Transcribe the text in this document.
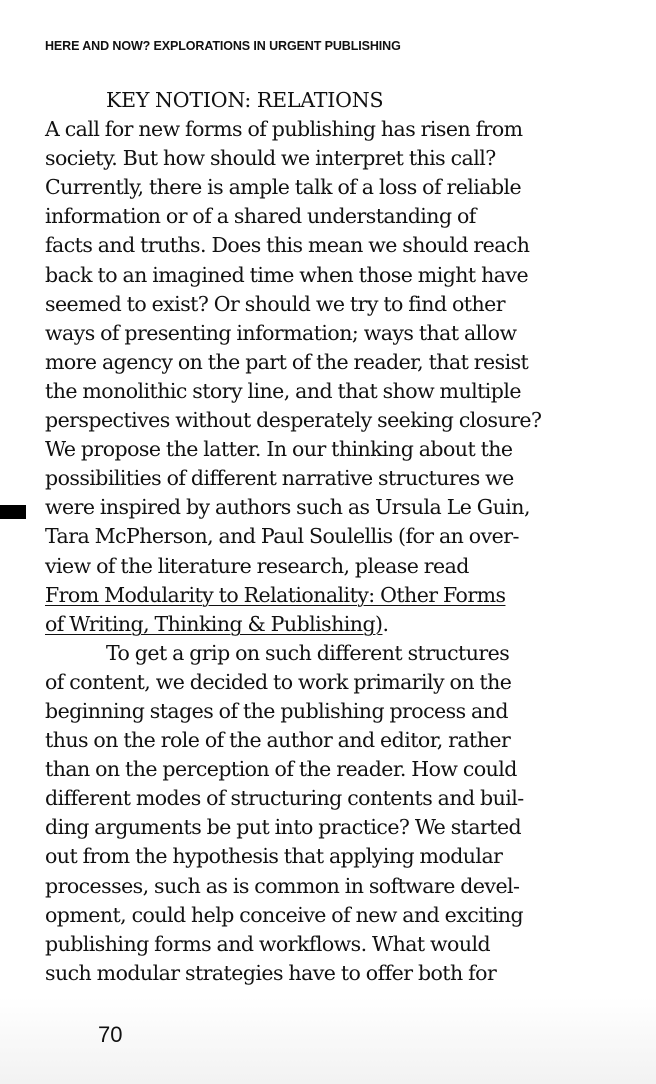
HERE AND NOW? EXPLORATIONS IN URGENT PUBLISHING
KEY NOTION: RELATIONS
A call for new forms of publishing has risen from
society. But how should we interpret this call?
Currently, there is ample talk of a loss of reliable
information or of a shared understanding of
facts and truths. Does this mean we should reach
back to an imagined time when those might have
seemed to exist? Or should we try to find other
ways of presenting information; ways that allow
more agency on the part of the reader, that resist
the monolithic story line, and that show multiple
perspectives without desperately seeking closure?
We propose the latter. In our thinking about the
possibilities of different narrative structures we
were inspired by authors such as Ursula Le Guin,
Tara McPherson, and Paul Soulellis (for an over-
view of the literature research, please read
From Modularity to Relationality: Other Forms
of Writing, Thinking & Publishing).
To get a grip on such different structures
of content, we decided to work primarily on the
beginning stages of the publishing process and
thus on the role of the author and editor, rather
than on the perception of the reader. How could
different modes of structuring contents and buil-
ding arguments be put into practice? We started
out from the hypothesis that applying modular
processes, such as is common in software devel-
opment, could help conceive of new and exciting
publishing forms and workflows. What would
such modular strategies have to offer both for
70
